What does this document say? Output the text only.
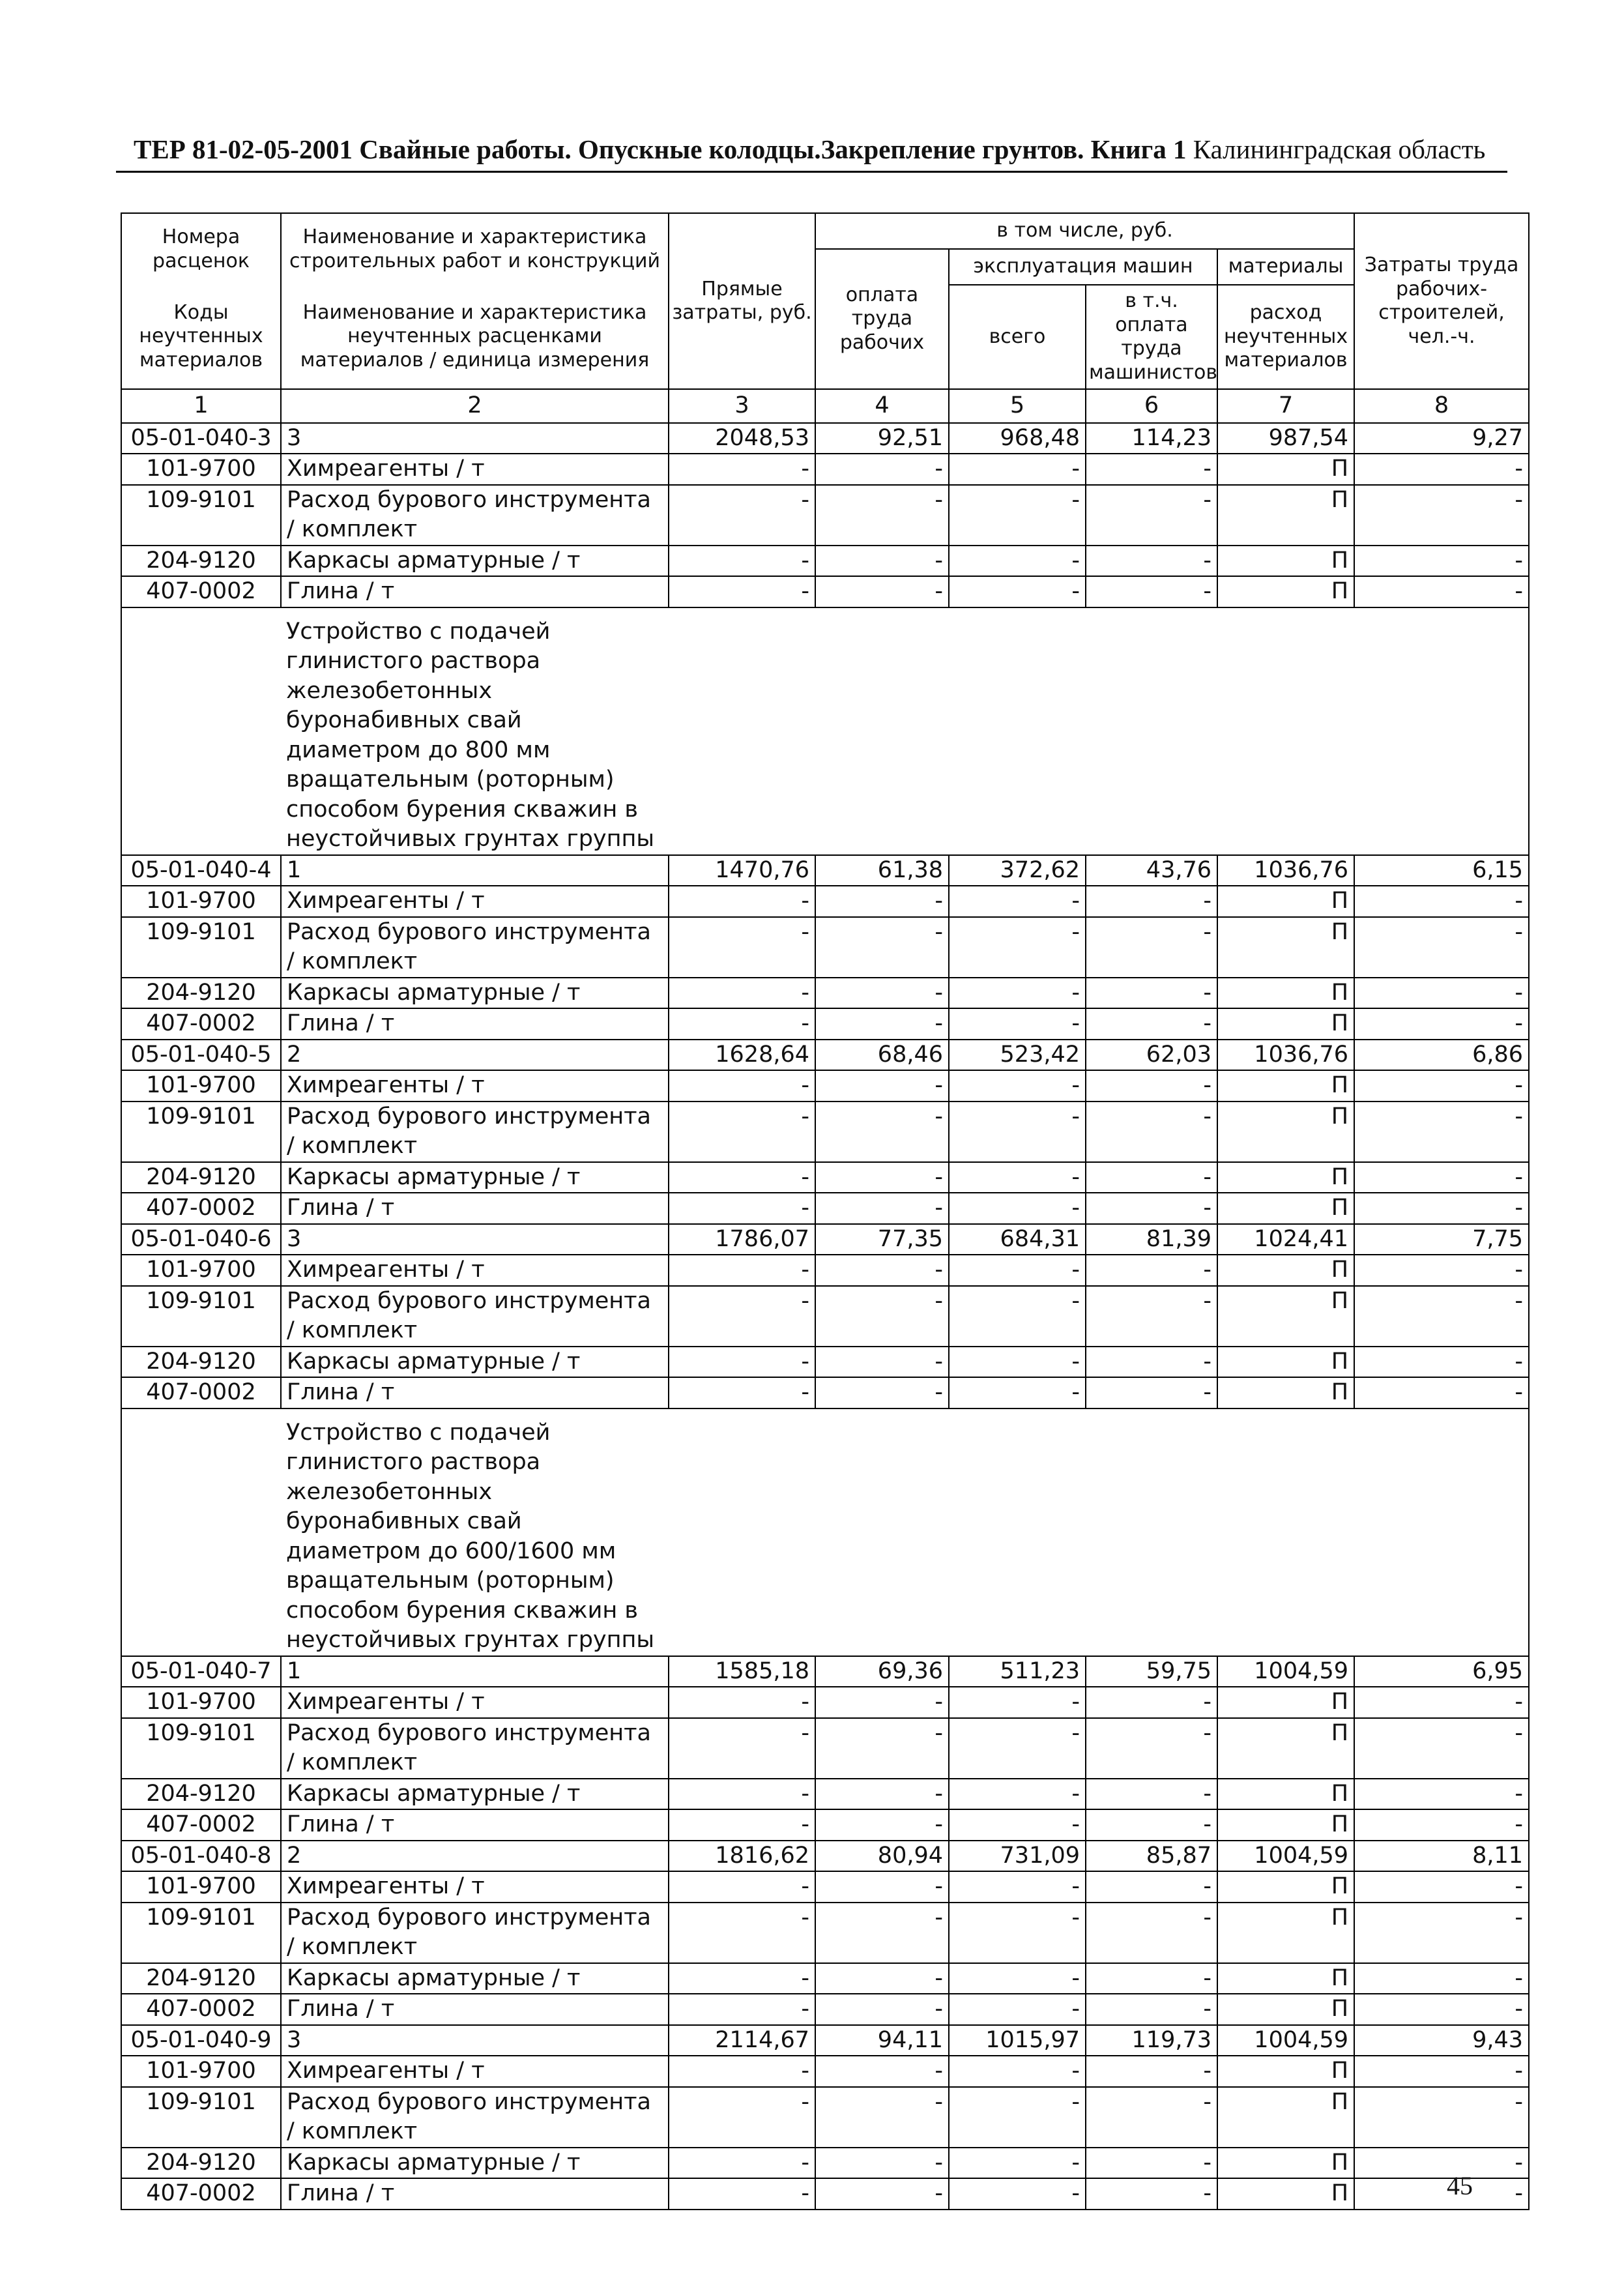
ТЕР 81-02-05-2001 Свайные работы. Опускные колодцы.Закрепление грунтов. Книга 1 Калининградская область
Номера расценок	Наименование и характеристика строительных работ и конструкций	Прямые затраты, руб.	в том числе, руб.				Затраты труда рабочих-строителей, чел.-ч.
			оплата труда рабочих	эксплуатация машин		материалы	
Коды неучтенных материалов	Наименование и характеристика неучтенных расценками материалов / единица измерения			всего	в т.ч. оплата труда машинистов	расход неучтенных материалов	

1	2	3	4	5	6	7	8
05-01-040-3	3	2048,53	92,51	968,48	114,23	987,54	9,27
101-9700	Химреагенты / т	-	-	-	-	П	-
109-9101	Расход бурового инструмента / комплект	-	-	-	-	П	-
204-9120	Каркасы арматурные / т	-	-	-	-	П	-
407-0002	Глина / т	-	-	-	-	П	-
	Устройство с подачей глинистого раствора железобетонных буронабивных свай диаметром до 800 мм вращательным (роторным) способом бурения скважин в неустойчивых грунтах группы						
05-01-040-4	1	1470,76	61,38	372,62	43,76	1036,76	6,15
101-9700	Химреагенты / т	-	-	-	-	П	-
109-9101	Расход бурового инструмента / комплект	-	-	-	-	П	-
204-9120	Каркасы арматурные / т	-	-	-	-	П	-
407-0002	Глина / т	-	-	-	-	П	-
05-01-040-5	2	1628,64	68,46	523,42	62,03	1036,76	6,86
101-9700	Химреагенты / т	-	-	-	-	П	-
109-9101	Расход бурового инструмента / комплект	-	-	-	-	П	-
204-9120	Каркасы арматурные / т	-	-	-	-	П	-
407-0002	Глина / т	-	-	-	-	П	-
05-01-040-6	3	1786,07	77,35	684,31	81,39	1024,41	7,75
101-9700	Химреагенты / т	-	-	-	-	П	-
109-9101	Расход бурового инструмента / комплект	-	-	-	-	П	-
204-9120	Каркасы арматурные / т	-	-	-	-	П	-
407-0002	Глина / т	-	-	-	-	П	-
	Устройство с подачей глинистого раствора железобетонных буронабивных свай диаметром до 600/1600 мм вращательным (роторным) способом бурения скважин в неустойчивых грунтах группы						
05-01-040-7	1	1585,18	69,36	511,23	59,75	1004,59	6,95
101-9700	Химреагенты / т	-	-	-	-	П	-
109-9101	Расход бурового инструмента / комплект	-	-	-	-	П	-
204-9120	Каркасы арматурные / т	-	-	-	-	П	-
407-0002	Глина / т	-	-	-	-	П	-
05-01-040-8	2	1816,62	80,94	731,09	85,87	1004,59	8,11
101-9700	Химреагенты / т	-	-	-	-	П	-
109-9101	Расход бурового инструмента / комплект	-	-	-	-	П	-
204-9120	Каркасы арматурные / т	-	-	-	-	П	-
407-0002	Глина / т	-	-	-	-	П	-
05-01-040-9	3	2114,67	94,11	1015,97	119,73	1004,59	9,43
101-9700	Химреагенты / т	-	-	-	-	П	-
109-9101	Расход бурового инструмента / комплект	-	-	-	-	П	-
204-9120	Каркасы арматурные / т	-	-	-	-	П	-
407-0002	Глина / т	-	-	-	-	П	-
45
